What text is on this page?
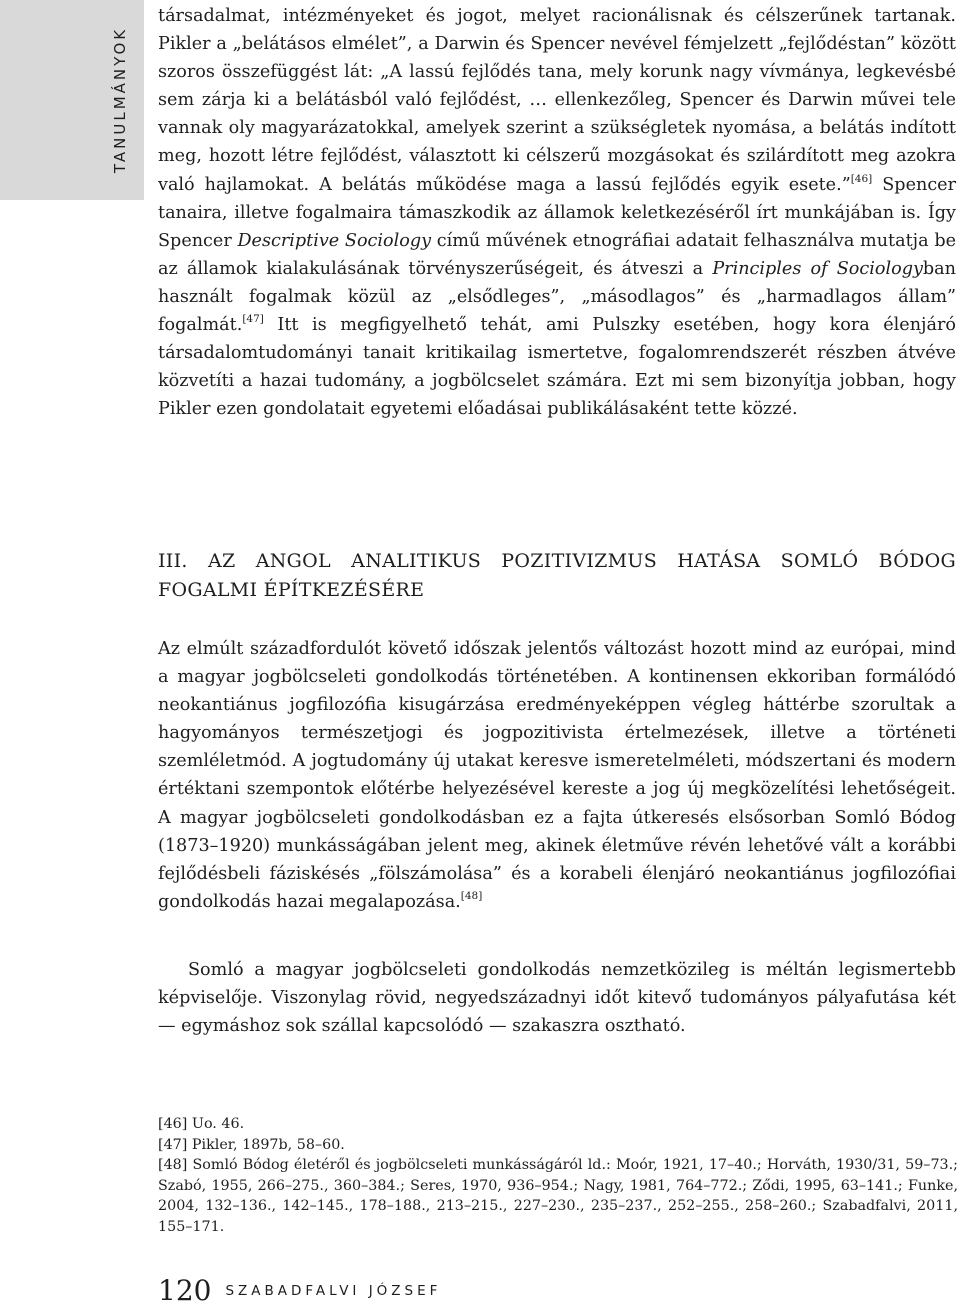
TANULMÁNYOK

társadalmat, intézményeket és jogot, melyet racionálisnak és célszerűnek tartanak. Pikler a „belátásos elmélet”, a Darwin és Spencer nevével fémjelzett „fejlődéstan” között szoros összefüggést lát: „A lassú fejlődés tana, mely korunk nagy vívmánya, legkevésbé sem zárja ki a belátásból való fejlődést, … ellenkezőleg, Spencer és Darwin művei tele vannak oly magyarázatokkal, amelyek szerint a szükségletek nyomása, a belátás indított meg, hozott létre fejlődést, választott ki célszerű mozgásokat és szilárdított meg azokra való hajlamokat. A belátás működése maga a lassú fejlődés egyik esete.”[46] Spencer tanaira, illetve fogalmaira támaszkodik az államok keletkezéséről írt munkájában is. Így Spencer Descriptive Sociology című művének etnográfiai adatait felhasználva mutatja be az államok kialakulásának törvényszerűségeit, és átveszi a Principles of Sociologyban használt fogalmak közül az „elsődleges”, „másodlagos” és „harmadlagos állam” fogalmát.[47] Itt is megfigyelhető tehát, ami Pulszky esetében, hogy kora élenjáró társadalomtudományi tanait kritikailag ismertetve, fogalomrendszerét részben átvéve közvetíti a hazai tudomány, a jogbölcselet számára. Ezt mi sem bizonyítja jobban, hogy Pikler ezen gondolatait egyetemi előadásai publikálásaként tette közzé.

III. AZ ANGOL ANALITIKUS POZITIVIZMUS HATÁSA SOMLÓ BÓDOG FOGALMI ÉPÍTKEZÉSÉRE

Az elmúlt századfordulót követő időszak jelentős változást hozott mind az európai, mind a magyar jogbölcseleti gondolkodás történetében. A kontinensen ekkoriban formálódó neokantiánus jogfilozófia kisugárzása eredményeképpen végleg háttérbe szorultak a hagyományos természetjogi és jogpozitivista értelmezések, illetve a történeti szemléletmód. A jogtudomány új utakat keresve ismeretelméleti, módszertani és modern értéktani szempontok előtérbe helyezésével kereste a jog új megközelítési lehetőségeit. A magyar jogbölcseleti gondolkodásban ez a fajta útkeresés elsősorban Somló Bódog (1873–1920) munkásságában jelent meg, akinek életműve révén lehetővé vált a korábbi fejlődésbeli fáziskésés „fölszámolása” és a korabeli élenjáró neokantiánus jogfilozófiai gondolkodás hazai megalapozása.[48]

Somló a magyar jogbölcseleti gondolkodás nemzetközileg is méltán legismertebb képviselője. Viszonylag rövid, negyedszázadnyi időt kitevő tudományos pályafutása két — egymáshoz sok szállal kapcsolódó — szakaszra osztható.

[46] Uo. 46.

[47] Pikler, 1897b, 58–60.

[48] Somló Bódog életéről és jogbölcseleti munkásságáról ld.: Moór, 1921, 17–40.; Horváth, 1930/31, 59–73.; Szabó, 1955, 266–275., 360–384.; Seres, 1970, 936–954.; Nagy, 1981, 764–772.; Ződi, 1995, 63–141.; Funke, 2004, 132–136., 142–145., 178–188., 213–215., 227–230., 235–237., 252–255., 258–260.; Szabadfalvi, 2011, 155–171.

120 SZABADFALVI JÓZSEF
